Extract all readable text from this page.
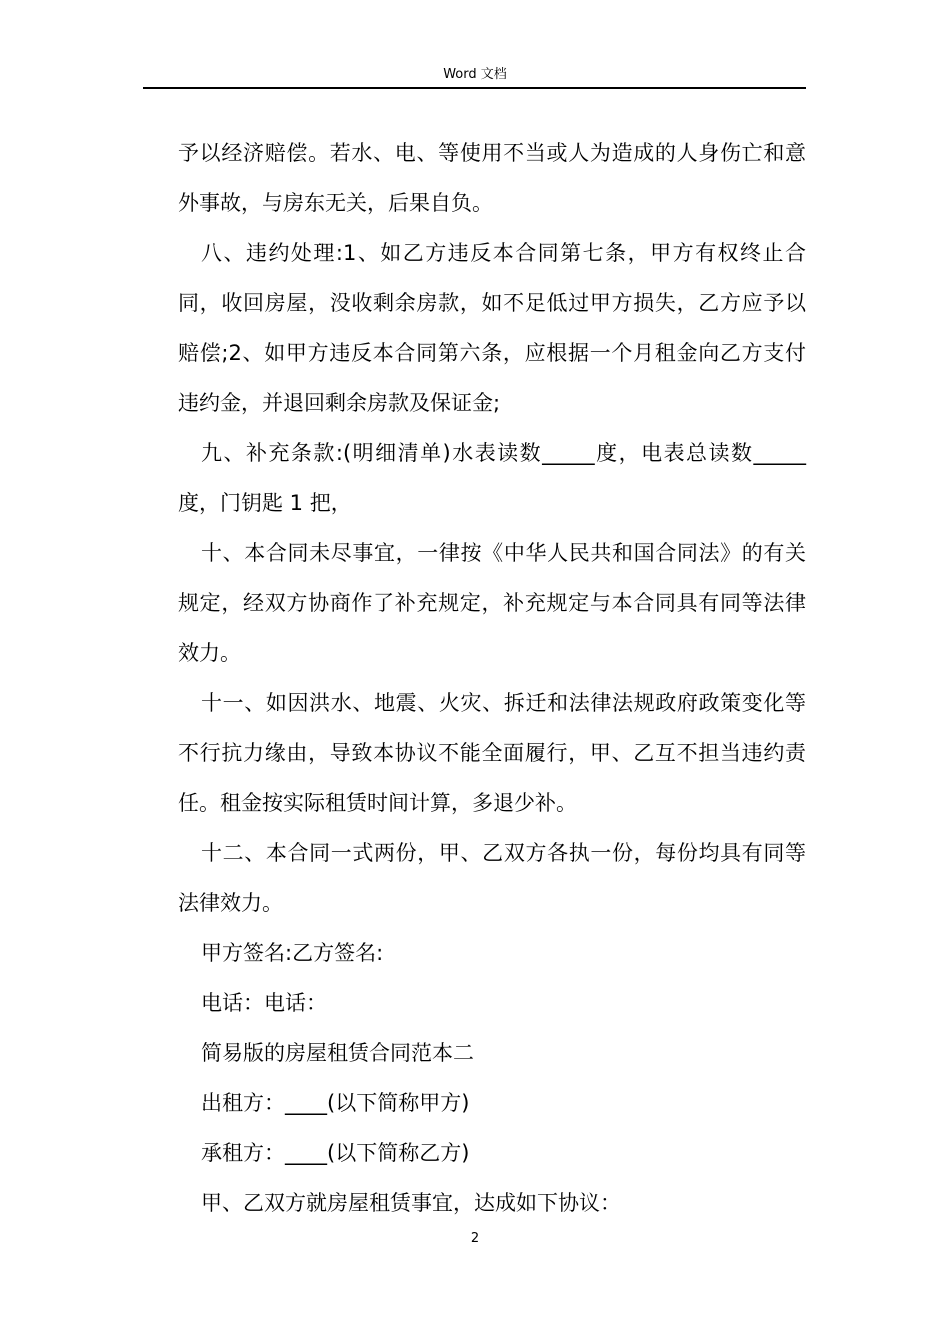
Word 文档

予以经济赔偿。若水、电、等使用不当或人为造成的人身伤亡和意外事故，与房东无关，后果自负。

八、违约处理:1、如乙方违反本合同第七条，甲方有权终止合同，收回房屋，没收剩余房款，如不足低过甲方损失，乙方应予以赔偿;2、如甲方违反本合同第六条，应根据一个月租金向乙方支付违约金，并退回剩余房款及保证金;

九、补充条款:(明细清单)水表读数_____度，电表总读数_____度，门钥匙 1 把，

十、本合同未尽事宜，一律按《中华人民共和国合同法》的有关规定，经双方协商作了补充规定，补充规定与本合同具有同等法律效力。

十一、如因洪水、地震、火灾、拆迁和法律法规政府政策变化等不行抗力缘由，导致本协议不能全面履行，甲、乙互不担当违约责任。租金按实际租赁时间计算，多退少补。

十二、本合同一式两份，甲、乙双方各执一份，每份均具有同等法律效力。

甲方签名:乙方签名:

电话：电话：

简易版的房屋租赁合同范本二

出租方：____(以下简称甲方)

承租方：____(以下简称乙方)

甲、乙双方就房屋租赁事宜，达成如下协议：

2
